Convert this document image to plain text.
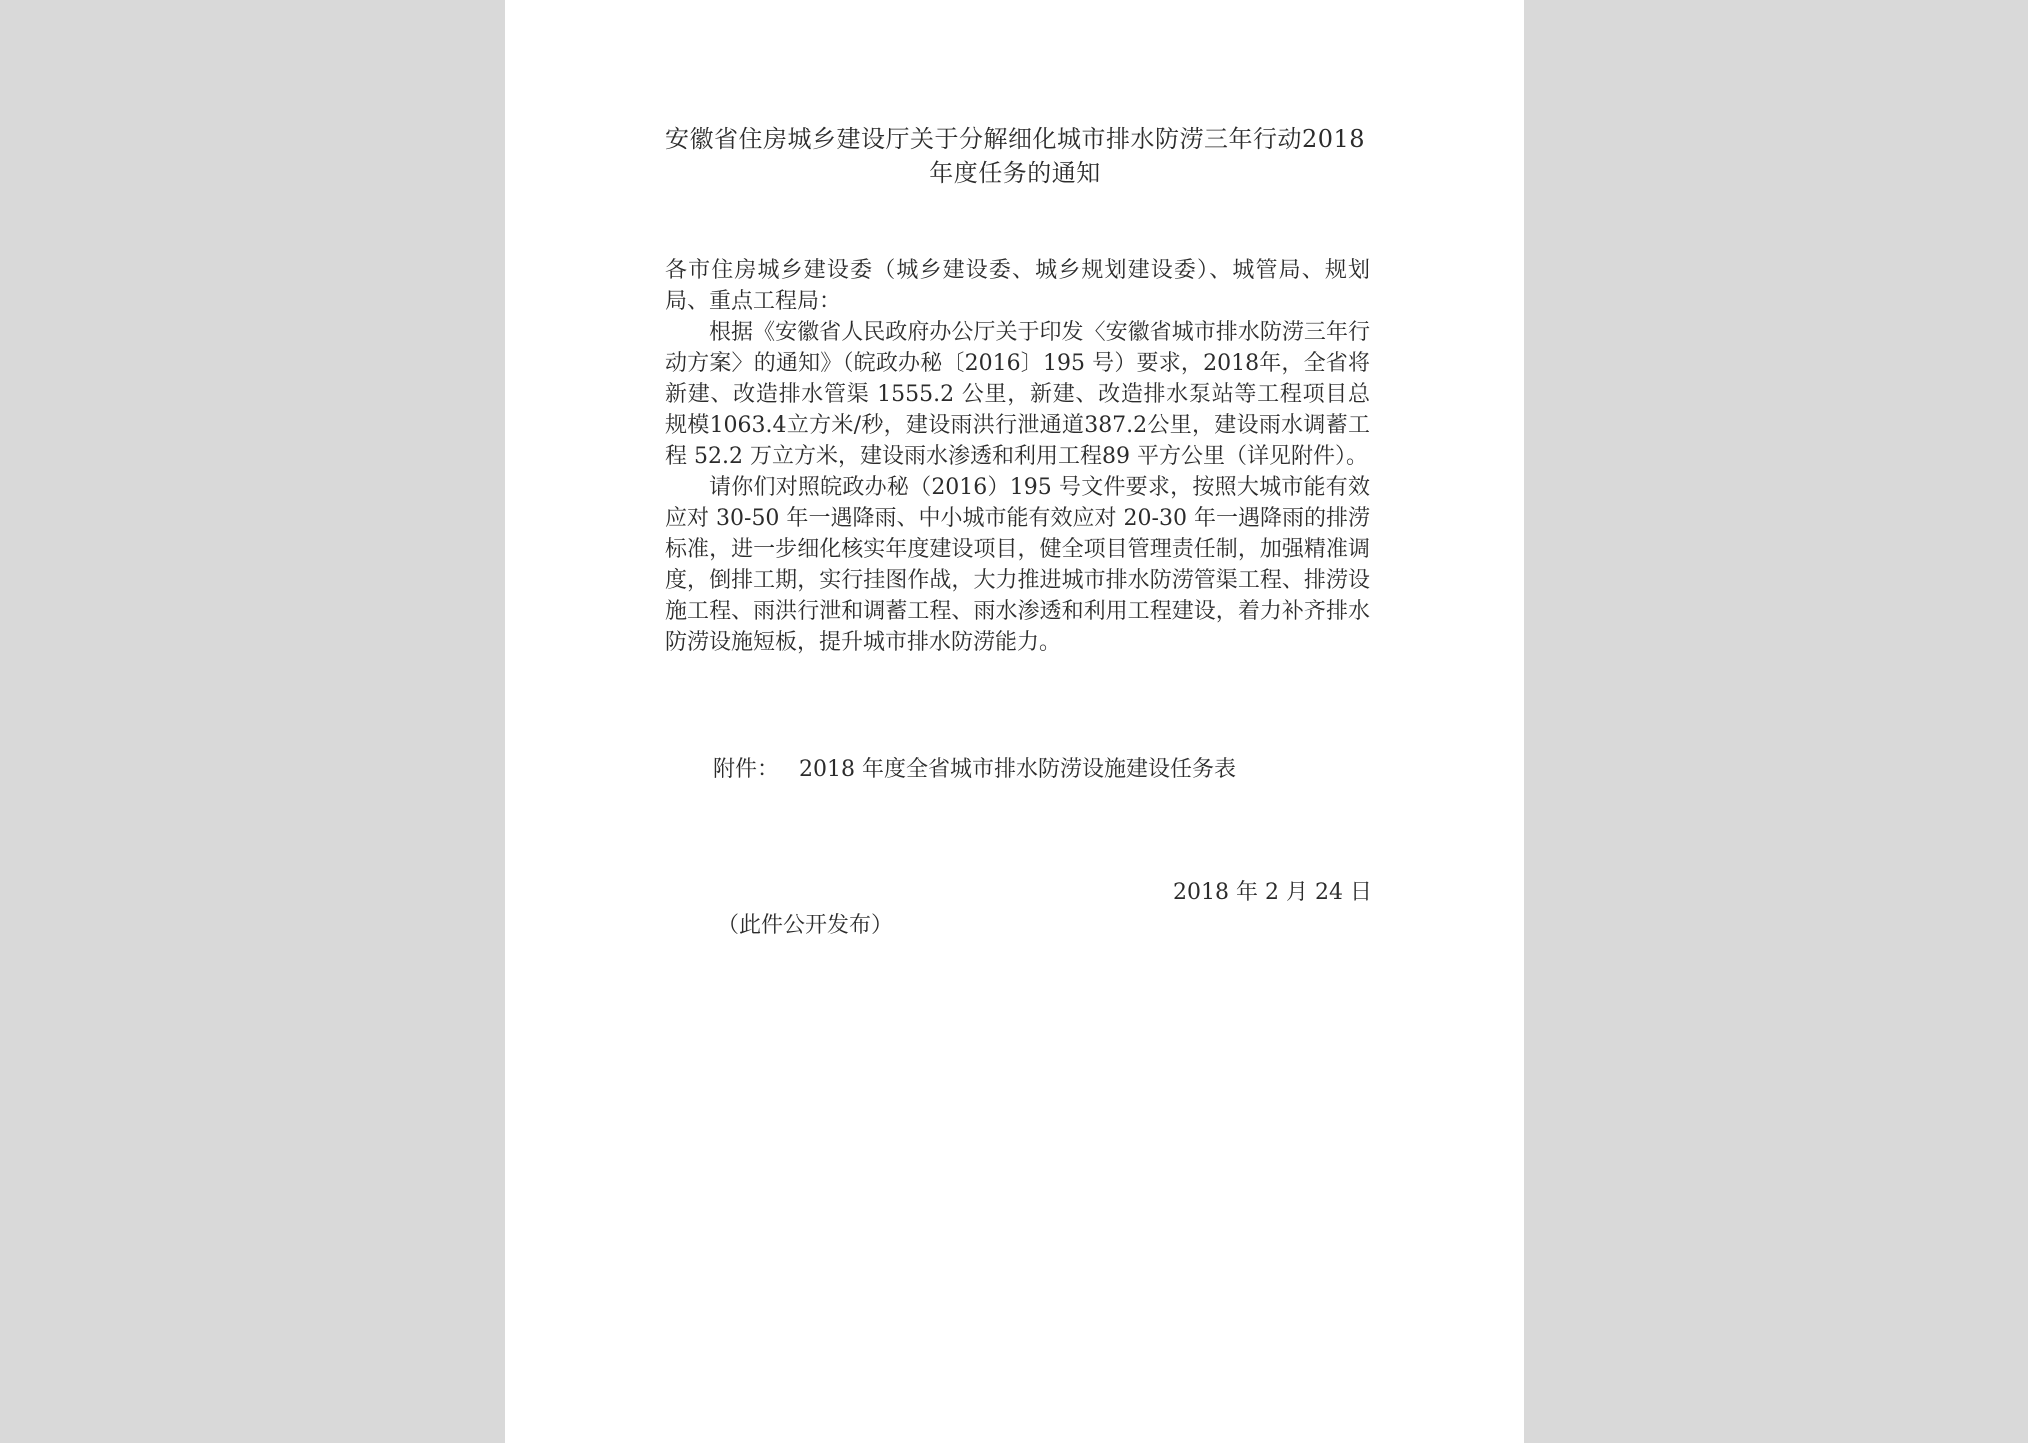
安徽省住房城乡建设厅关于分解细化城市排水防涝三年行动2018年度任务的通知

各市住房城乡建设委（城乡建设委、城乡规划建设委）、城管局、规划局、重点工程局：

根据《安徽省人民政府办公厅关于印发〈安徽省城市排水防涝三年行动方案〉的通知》（皖政办秘〔2016〕195 号）要求，2018年，全省将新建、改造排水管渠 1555.2 公里，新建、改造排水泵站等工程项目总规模1063.4立方米/秒，建设雨洪行泄通道387.2公里，建设雨水调蓄工程 52.2 万立方米，建设雨水渗透和利用工程89 平方公里（详见附件）。

请你们对照皖政办秘（2016）195 号文件要求，按照大城市能有效应对 30-50 年一遇降雨、中小城市能有效应对 20-30 年一遇降雨的排涝标准，进一步细化核实年度建设项目，健全项目管理责任制，加强精准调度，倒排工期，实行挂图作战，大力推进城市排水防涝管渠工程、排涝设施工程、雨洪行泄和调蓄工程、雨水渗透和利用工程建设，着力补齐排水防涝设施短板，提升城市排水防涝能力。

附件： 2018 年度全省城市排水防涝设施建设任务表
2018 年 2 月 24 日
（此件公开发布）
